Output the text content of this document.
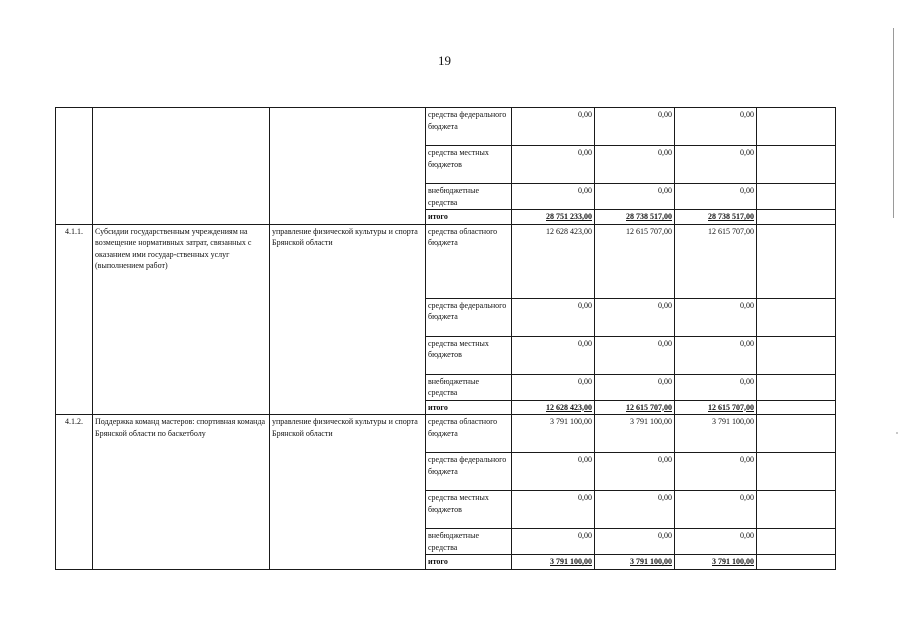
19
			средства федерального бюджета	0,00	0,00	0,00	
			средства местных бюджетов	0,00	0,00	0,00	
			внебюджетные средства	0,00	0,00	0,00	
			итого	28 751 233,00	28 738 517,00	28 738 517,00	
4.1.1.	Субсидии государственным учреждениям на возмещение нормативных затрат, связанных с оказанием ими государ-ственных услуг (выполнением работ)	управление физической культуры и спорта Брянской области	средства областного бюджета	12 628 423,00	12 615 707,00	12 615 707,00	
			средства федерального бюджета	0,00	0,00	0,00	
			средства местных бюджетов	0,00	0,00	0,00	
			внебюджетные средства	0,00	0,00	0,00	
			итого	12 628 423,00	12 615 707,00	12 615 707,00	
4.1.2.	Поддержка команд мастеров: спортивная команда Брянской области по баскетболу	управление физической культуры и спорта Брянской области	средства областного бюджета	3 791 100,00	3 791 100,00	3 791 100,00	
			средства федерального бюджета	0,00	0,00	0,00	
			средства местных бюджетов	0,00	0,00	0,00	
			внебюджетные средства	0,00	0,00	0,00	
			итого	3 791 100,00	3 791 100,00	3 791 100,00	
